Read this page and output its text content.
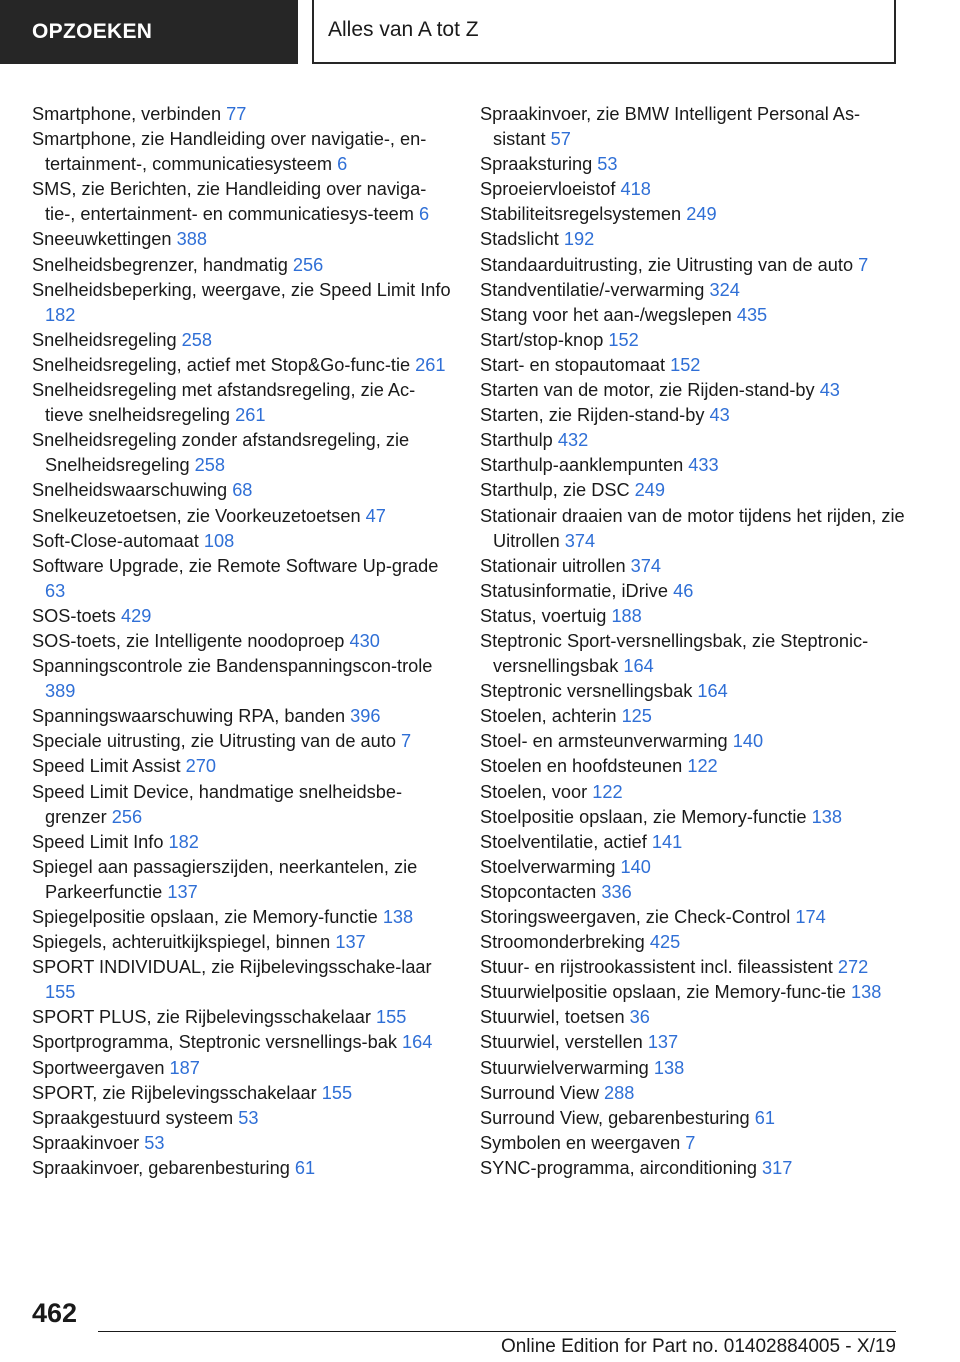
OPZOEKEN	Alles van A tot Z

Smartphone, verbinden 77

Smartphone, zie Handleiding over navigatie-, en-tertainment-, communicatiesysteem 6

SMS, zie Berichten, zie Handleiding over naviga-tie-, entertainment- en communicatiesys-teem 6

Sneeuwkettingen 388

Snelheidsbegrenzer, handmatig 256

Snelheidsbeperking, weergave, zie Speed Limit Info 182

Snelheidsregeling 258

Snelheidsregeling, actief met Stop&Go-func-tie 261

Snelheidsregeling met afstandsregeling, zie Ac-tieve snelheidsregeling 261

Snelheidsregeling zonder afstandsregeling, zie Snelheidsregeling 258

Snelheidswaarschuwing 68

Snelkeuzetoetsen, zie Voorkeuzetoetsen 47

Soft-Close-automaat 108

Software Upgrade, zie Remote Software Up-grade 63

SOS-toets 429

SOS-toets, zie Intelligente noodoproep 430

Spanningscontrole zie Bandenspanningscon-trole 389

Spanningswaarschuwing RPA, banden 396

Speciale uitrusting, zie Uitrusting van de auto 7

Speed Limit Assist 270

Speed Limit Device, handmatige snelheidsbe-grenzer 256

Speed Limit Info 182

Spiegel aan passagierszijden, neerkantelen, zie Parkeerfunctie 137

Spiegelpositie opslaan, zie Memory-functie 138

Spiegels, achteruitkijkspiegel, binnen 137

SPORT INDIVIDUAL, zie Rijbelevingsschake-laar 155

SPORT PLUS, zie Rijbelevingsschakelaar 155

Sportprogramma, Steptronic versnellings-bak 164

Sportweergaven 187

SPORT, zie Rijbelevingsschakelaar 155

Spraakgestuurd systeem 53

Spraakinvoer 53

Spraakinvoer, gebarenbesturing 61

Spraakinvoer, zie BMW Intelligent Personal As-sistant 57

Spraaksturing 53

Sproeiervloeistof 418

Stabiliteitsregelsystemen 249

Stadslicht 192

Standaarduitrusting, zie Uitrusting van de auto 7

Standventilatie/-verwarming 324

Stang voor het aan-/wegslepen 435

Start/stop-knop 152

Start- en stopautomaat 152

Starten van de motor, zie Rijden-stand-by 43

Starten, zie Rijden-stand-by 43

Starthulp 432

Starthulp-aanklempunten 433

Starthulp, zie DSC 249

Stationair draaien van de motor tijdens het rijden, zie Uitrollen 374

Stationair uitrollen 374

Statusinformatie, iDrive 46

Status, voertuig 188

Steptronic Sport-versnellingsbak, zie Steptronic-versnellingsbak 164

Steptronic versnellingsbak 164

Stoelen, achterin 125

Stoel- en armsteunverwarming 140

Stoelen en hoofdsteunen 122

Stoelen, voor 122

Stoelpositie opslaan, zie Memory-functie 138

Stoelventilatie, actief 141

Stoelverwarming 140

Stopcontacten 336

Storingsweergaven, zie Check-Control 174

Stroomonderbreking 425

Stuur- en rijstrookassistent incl. fileassistent 272

Stuurwielpositie opslaan, zie Memory-func-tie 138

Stuurwiel, toetsen 36

Stuurwiel, verstellen 137

Stuurwielverwarming 138

Surround View 288

Surround View, gebarenbesturing 61

Symbolen en weergaven 7

SYNC-programma, airconditioning 317

462
Online Edition for Part no. 01402884005 - X/19
